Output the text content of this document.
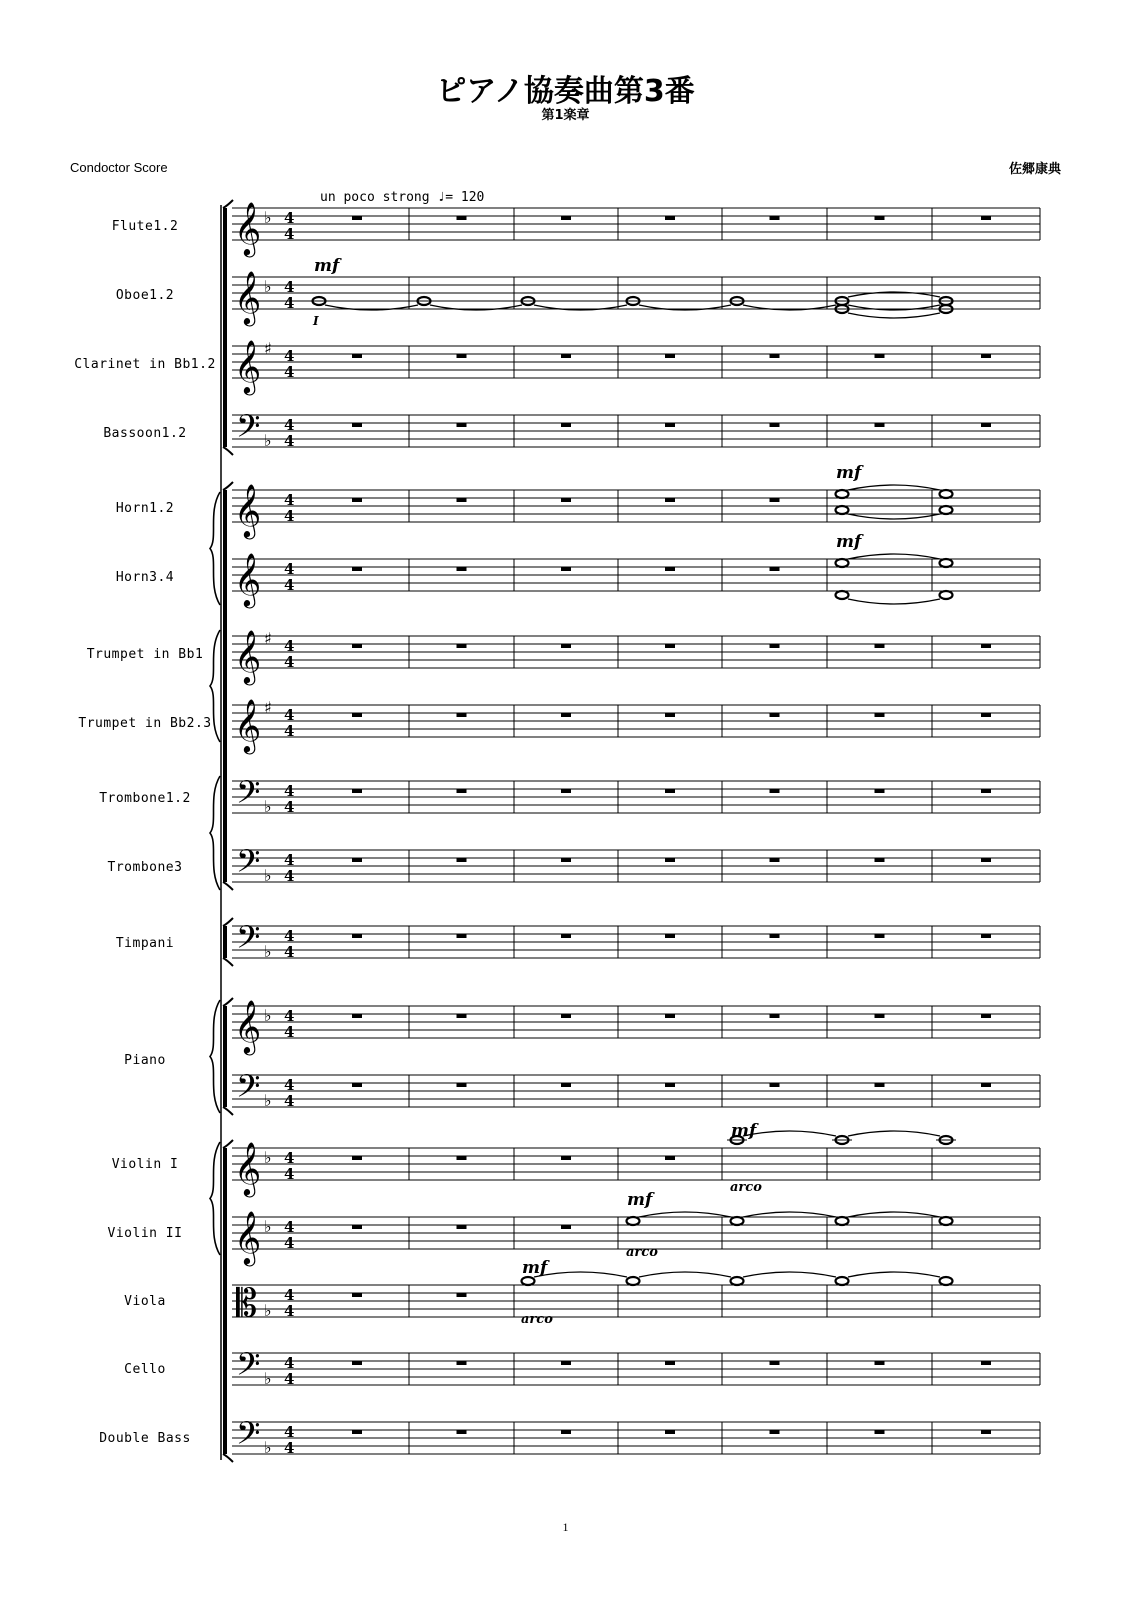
ピアノ協奏曲第3番
第1楽章
Condoctor Score	佐郷康典
un poco strong ♩= 120
Flute1.2
Oboe1.2
Clarinet in Bb1.2
Bassoon1.2
Horn1.2
Horn3.4
Trumpet in Bb1
Trumpet in Bb2.3
Trombone1.2
Trombone3
Timpani
Piano
Violin I
Violin II
Viola
Cello
Double Bass
𝄞 ♭ 4
4
𝄞 ♭ 4
4
𝄞 ♯ 4
4
𝄢 ♭
4
4
𝄞 4
4
𝄞 4
4
𝄞 ♯ 4
4
𝄞 ♯ 4
4
𝄢 ♭
4
4
𝄢 ♭
4
4
𝄢 ♭
4
4
𝄞 ♭ 4
4
𝄢 ♭
4
4
𝄞 ♭ 4
4
𝄞 ♭ 4
4
𝄡 ♭
4
4
𝄢 ♭
4
4
𝄢 ♭
4
4
mf
I
mf
mf
mf
arco
mf
arco
mf
arco
1
